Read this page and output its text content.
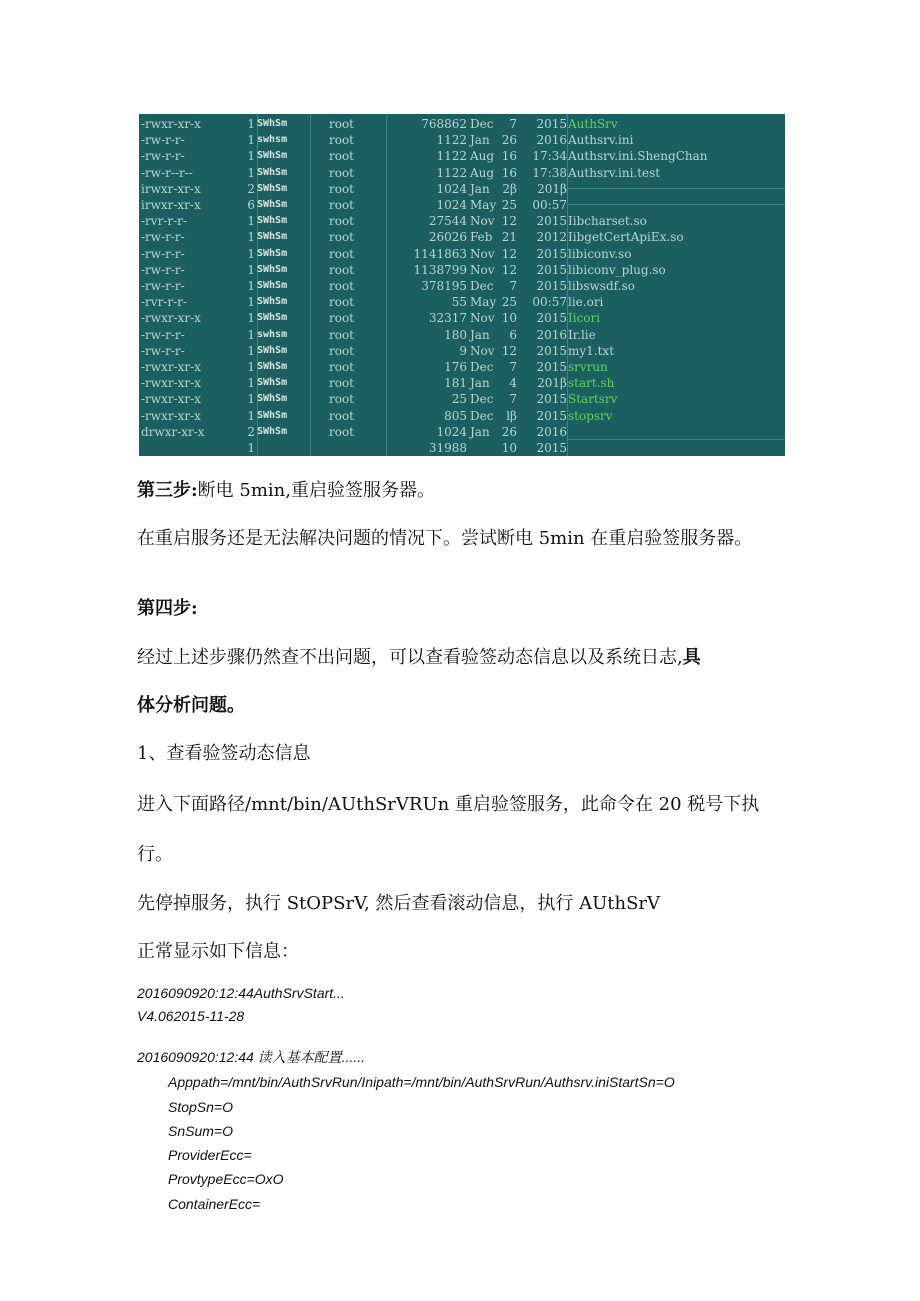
-rwxr-xr-x	1 SWhSm	root	768862 Dec	7	2015 AuthSrv
-rw-r-r-	1 swhsm	root	1122 Jan 26	2016 Authsrv.ini
-rw-r-r-	1 SWhSm	root	1122 Aug 16	17:34 Authsrv.ini.ShengChan
-rw-r--r--	1 SWhSm	root	1122 Aug 16	17:38 Authsrv.ini.test
irwxr-xr-x	2 SWhSm	root	1024 Jan 2β	201β
irwxr-xr-x	6 SWhSm	root	1024 May 25	00:57
-rvr-r-r-	1 SWhSm	root	27544 Nov 12	2015 Iibcharset.so
-rw-r-r-	1 SWhSm	root	26026 Feb 21	2012 IibgetCertApiEx.so
-rw-r-r-	1 SWhSm	root	1141863 Nov 12	2015 libiconv.so
-rw-r-r-	1 SWhSm	root	1138799 Nov 12	2015 libiconv_plug.so
-rw-r-r-	1 SWhSm	root	378195 Dec	7	2015 libswsdf.so
-rvr-r-r-	1 SWhSm	root	55 May 25	00:57 lie.ori
-rwxr-xr-x	1 SWhSm	root	32317 Nov 10	2015 Iicori
-rw-r-r-	1 swhsm	root	180 Jan	6	2016 Ir.lie
-rw-r-r-	1 SWhSm	root	9 Nov 12	2015 my1.txt
-rwxr-xr-x	1 SWhSm	root	176 Dec	7	2015 srvrun
-rwxr-xr-x	1 SWhSm	root	181 Jan	4	201β start.sh
-rwxr-xr-x	1 SWhSm	root	25 Dec	7	2015 Startsrv
-rwxr-xr-x	1 SWhSm	root	805 Dec	lβ	2015 stopsrv
drwxr-xr-x	2 SWhSm	root	1024 Jan 26	2016
1	31988	10	2015

第三步:断电 5min,重启验签服务器。

在重启服务还是无法解决问题的情况下。尝试断电 5min 在重启验签服务器。

第四步:

经过上述步骤仍然查不出问题，可以查看验签动态信息以及系统日志,具

体分析问题。

1、查看验签动态信息

进入下面路径/mnt/bin/AUthSrVRUn 重启验签服务，此命令在 20 税号下执

行。

先停掉服务，执行 StOPSrV, 然后查看滚动信息，执行 AUthSrV

正常显示如下信息：

2016090920:12:44AuthSrvStart...

V4.062015-11-28

2016090920:12:44 读入基本配置......

Apppath=/mnt/bin/AuthSrvRun/Inipath=/mnt/bin/AuthSrvRun/Authsrv.iniStartSn=O

StopSn=O

SnSum=O

ProviderEcc=

ProvtypeEcc=OxO

ContainerEcc=
